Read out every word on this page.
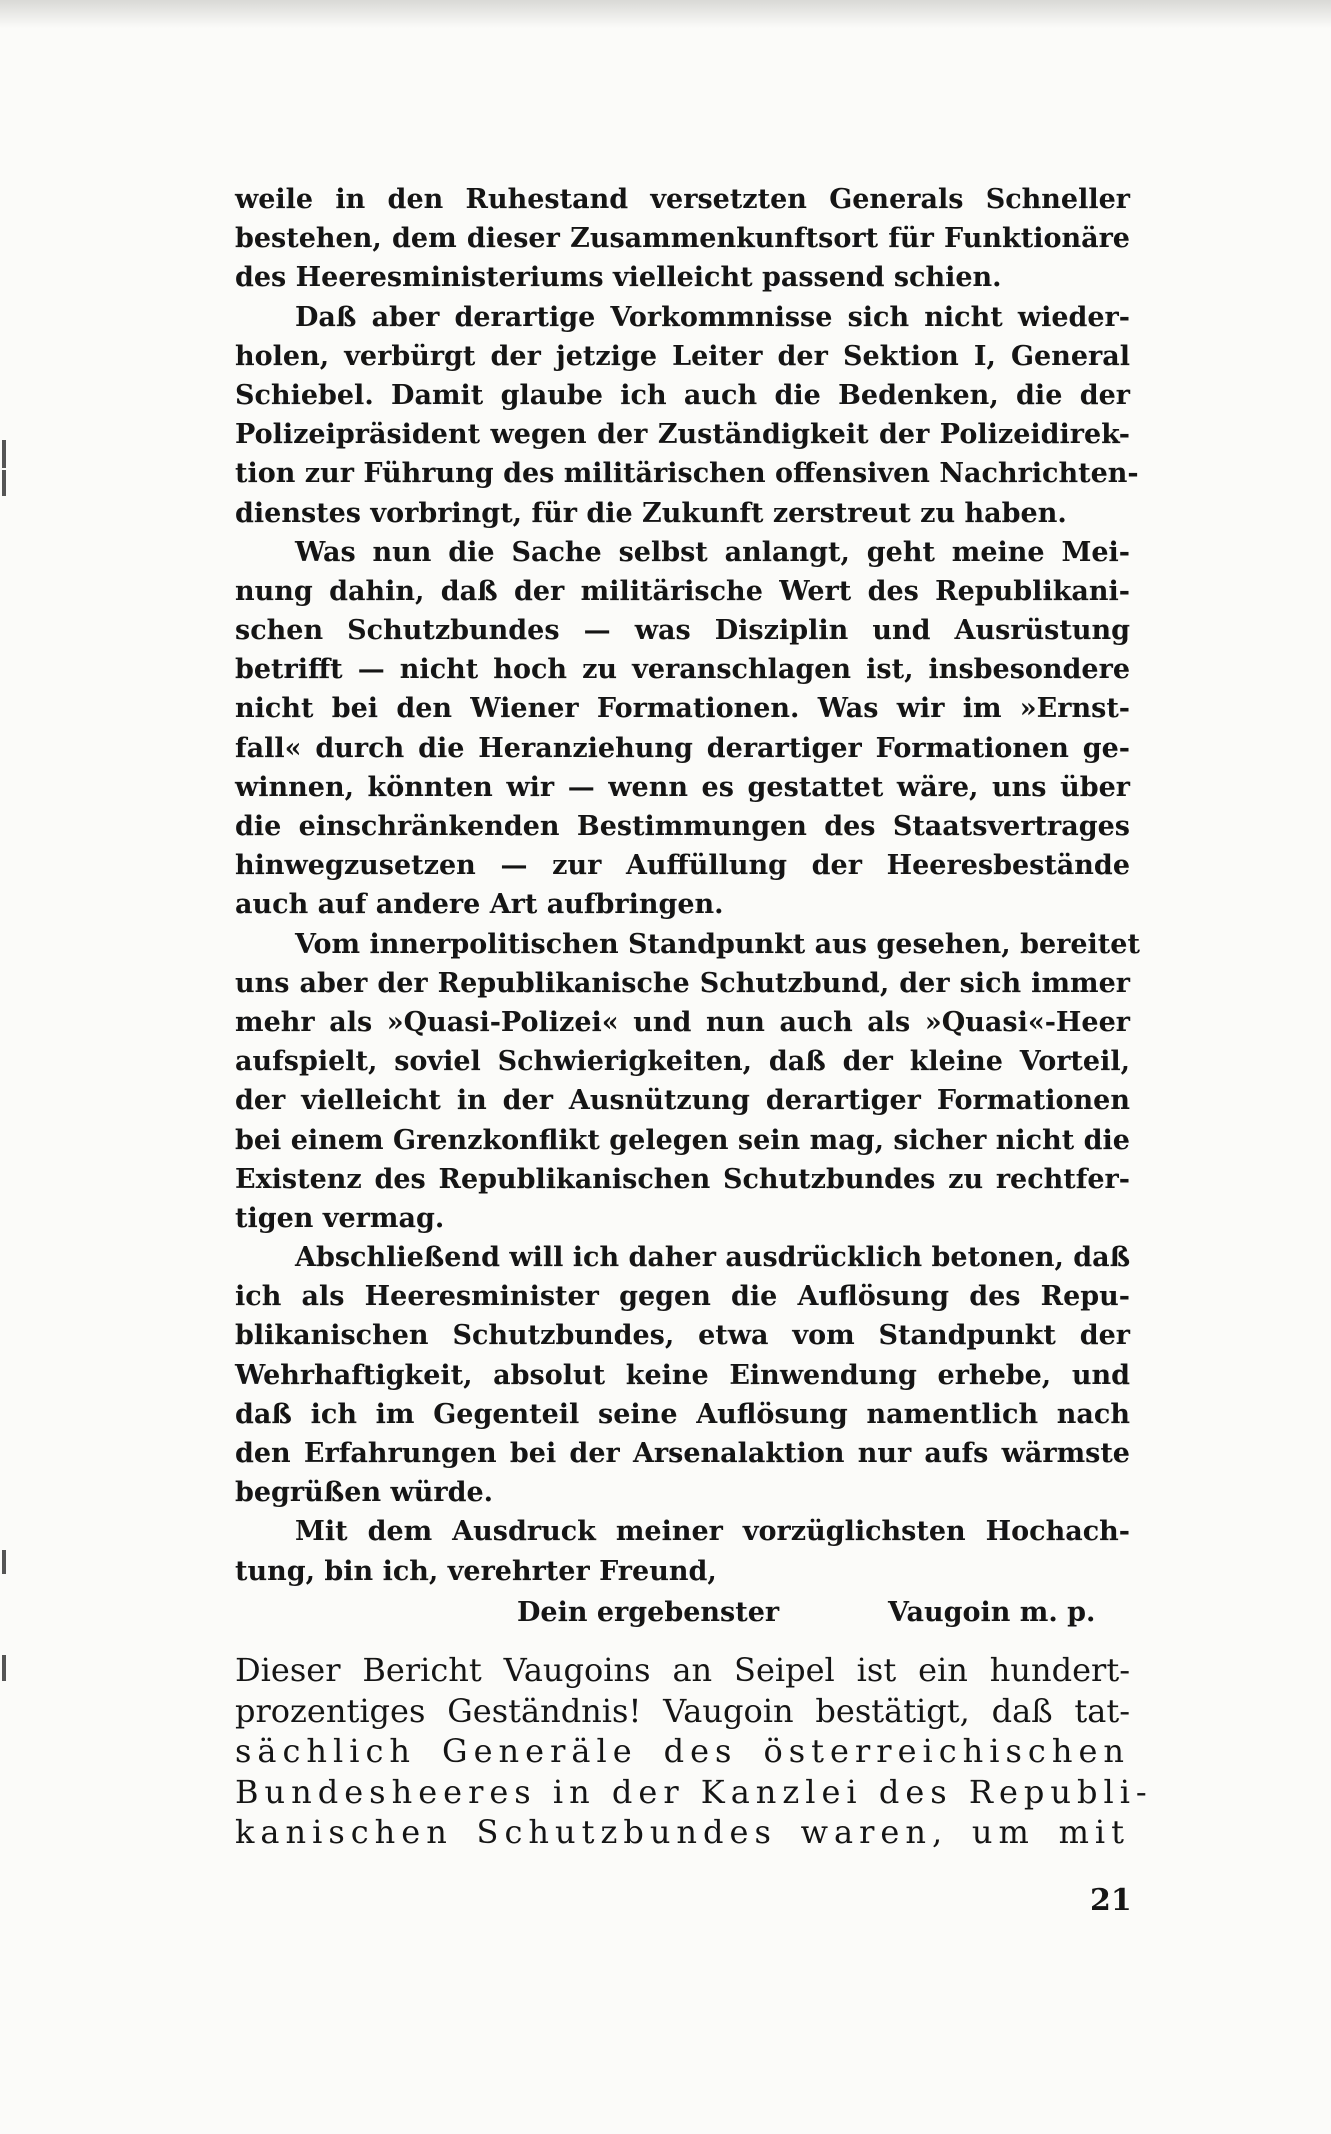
weile in den Ruhestand versetzten Generals Schneller
bestehen, dem dieser Zusammenkunftsort für Funktionäre
des Heeresministeriums vielleicht passend schien.
Daß aber derartige Vorkommnisse sich nicht wieder-
holen, verbürgt der jetzige Leiter der Sektion I, General
Schiebel. Damit glaube ich auch die Bedenken, die der
Polizeipräsident wegen der Zuständigkeit der Polizeidirek-
tion zur Führung des militärischen offensiven Nachrichten-
dienstes vorbringt, für die Zukunft zerstreut zu haben.
Was nun die Sache selbst anlangt, geht meine Mei-
nung dahin, daß der militärische Wert des Republikani-
schen Schutzbundes — was Disziplin und Ausrüstung
betrifft — nicht hoch zu veranschlagen ist, insbesondere
nicht bei den Wiener Formationen. Was wir im »Ernst-
fall« durch die Heranziehung derartiger Formationen ge-
winnen, könnten wir — wenn es gestattet wäre, uns über
die einschränkenden Bestimmungen des Staatsvertrages
hinwegzusetzen — zur Auffüllung der Heeresbestände
auch auf andere Art aufbringen.
Vom innerpolitischen Standpunkt aus gesehen, bereitet
uns aber der Republikanische Schutzbund, der sich immer
mehr als »Quasi-Polizei« und nun auch als »Quasi«-Heer
aufspielt, soviel Schwierigkeiten, daß der kleine Vorteil,
der vielleicht in der Ausnützung derartiger Formationen
bei einem Grenzkonflikt gelegen sein mag, sicher nicht die
Existenz des Republikanischen Schutzbundes zu rechtfer-
tigen vermag.
Abschließend will ich daher ausdrücklich betonen, daß
ich als Heeresminister gegen die Auflösung des Repu-
blikanischen Schutzbundes, etwa vom Standpunkt der
Wehrhaftigkeit, absolut keine Einwendung erhebe, und
daß ich im Gegenteil seine Auflösung namentlich nach
den Erfahrungen bei der Arsenalaktion nur aufs wärmste
begrüßen würde.
Mit dem Ausdruck meiner vorzüglichsten Hochach-
tung, bin ich, verehrter Freund,
Dein ergebenster	Vaugoin m. p.
Dieser Bericht Vaugoins an Seipel ist ein hundert-
prozentiges Geständnis! Vaugoin bestätigt, daß tat-
sächlich Generäle des österreichischen
Bundesheeres in der Kanzlei des Republi-
kanischen Schutzbundes waren, um mit
21
